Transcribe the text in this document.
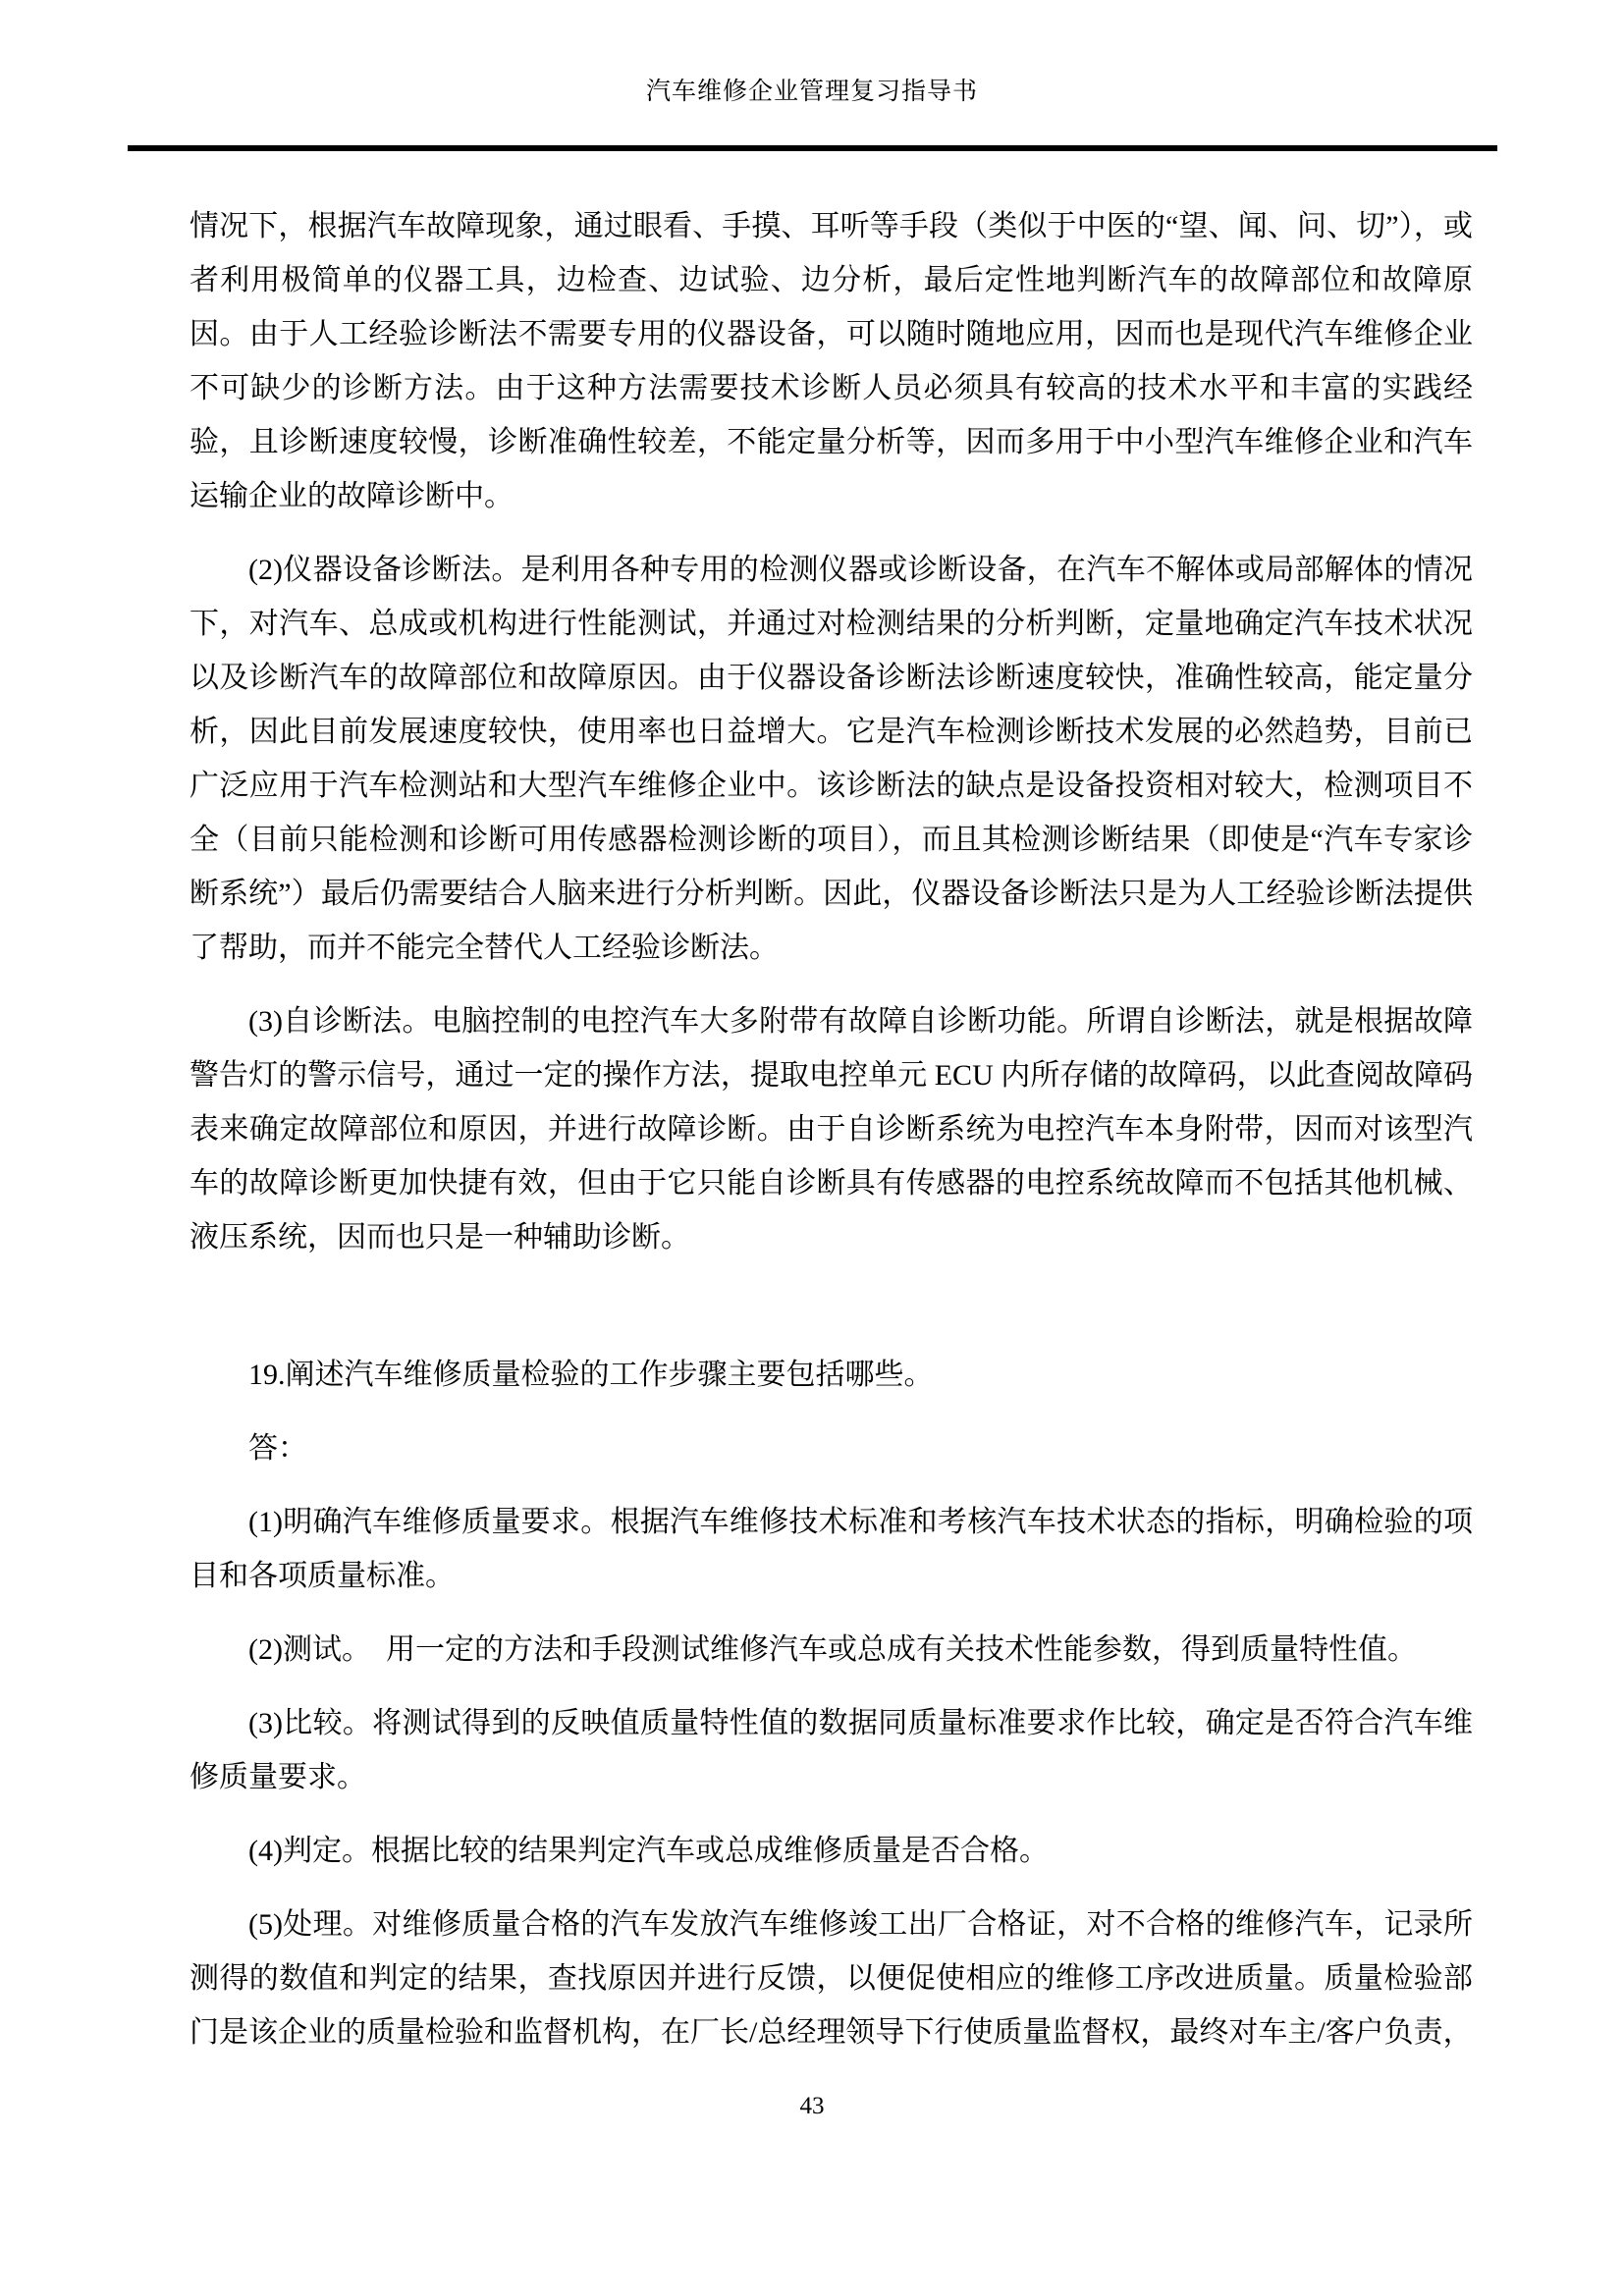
汽车维修企业管理复习指导书

情况下，根据汽车故障现象，通过眼看、手摸、耳听等手段（类似于中医的“望、闻、问、切”），或者利用极简单的仪器工具，边检查、边试验、边分析，最后定性地判断汽车的故障部位和故障原因。由于人工经验诊断法不需要专用的仪器设备，可以随时随地应用，因而也是现代汽车维修企业不可缺少的诊断方法。由于这种方法需要技术诊断人员必须具有较高的技术水平和丰富的实践经验，且诊断速度较慢，诊断准确性较差，不能定量分析等，因而多用于中小型汽车维修企业和汽车运输企业的故障诊断中。

(2)仪器设备诊断法。是利用各种专用的检测仪器或诊断设备，在汽车不解体或局部解体的情况下，对汽车、总成或机构进行性能测试，并通过对检测结果的分析判断，定量地确定汽车技术状况以及诊断汽车的故障部位和故障原因。由于仪器设备诊断法诊断速度较快，准确性较高，能定量分析，因此目前发展速度较快，使用率也日益增大。它是汽车检测诊断技术发展的必然趋势，目前已广泛应用于汽车检测站和大型汽车维修企业中。该诊断法的缺点是设备投资相对较大，检测项目不全（目前只能检测和诊断可用传感器检测诊断的项目），而且其检测诊断结果（即使是“汽车专家诊断系统”）最后仍需要结合人脑来进行分析判断。因此，仪器设备诊断法只是为人工经验诊断法提供了帮助，而并不能完全替代人工经验诊断法。

(3)自诊断法。电脑控制的电控汽车大多附带有故障自诊断功能。所谓自诊断法，就是根据故障警告灯的警示信号，通过一定的操作方法，提取电控单元 ECU 内所存储的故障码，以此查阅故障码表来确定故障部位和原因，并进行故障诊断。由于自诊断系统为电控汽车本身附带，因而对该型汽车的故障诊断更加快捷有效，但由于它只能自诊断具有传感器的电控系统故障而不包括其他机械、液压系统，因而也只是一种辅助诊断。

19.阐述汽车维修质量检验的工作步骤主要包括哪些。

答：

(1)明确汽车维修质量要求。根据汽车维修技术标准和考核汽车技术状态的指标，明确检验的项目和各项质量标准。

(2)测试。　用一定的方法和手段测试维修汽车或总成有关技术性能参数，得到质量特性值。

(3)比较。将测试得到的反映值质量特性值的数据同质量标准要求作比较，确定是否符合汽车维修质量要求。

(4)判定。根据比较的结果判定汽车或总成维修质量是否合格。

(5)处理。对维修质量合格的汽车发放汽车维修竣工出厂合格证，对不合格的维修汽车，记录所测得的数值和判定的结果，查找原因并进行反馈，以便促使相应的维修工序改进质量。质量检验部门是该企业的质量检验和监督机构，在厂长/总经理领导下行使质量监督权，最终对车主/客户负责，

43
